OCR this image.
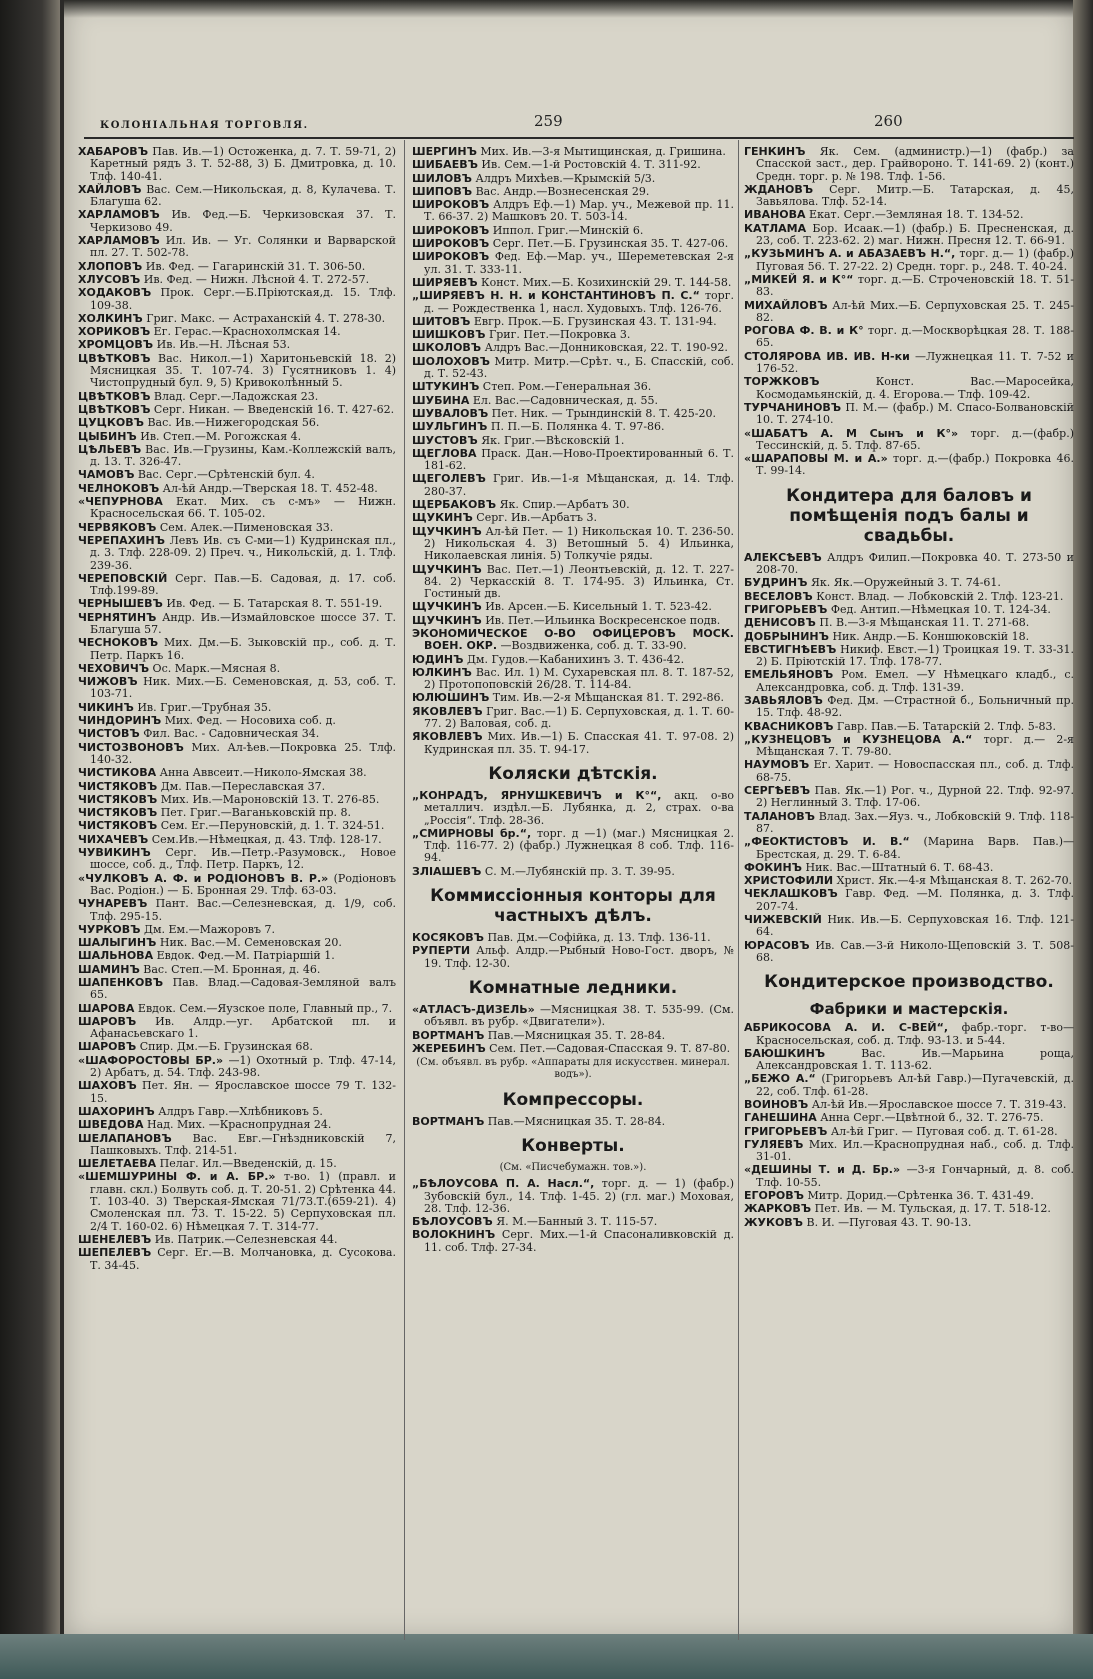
КОЛОНІАЛЬНАЯ ТОРГОВЛЯ.	259	260

ХАБАРОВЪ Пав. Ив.—1) Остоженка, д. 7. Т. 59-71, 2) Каретный рядъ 3. Т. 52-88, 3) Б. Дмитровка, д. 10. Тлф. 140-41.

ХАЙЛОВЪ Вас. Сем.—Никольская, д. 8, Кулачева. Т. Благуша 62.

ХАРЛАМОВЪ Ив. Фед.—Б. Черкизовская 37. Т. Черкизово 49.

ХАРЛАМОВЪ Ил. Ив. — Уг. Солянки и Варварской пл. 27. Т. 502-78.

ХЛОПОВЪ Ив. Фед. — Гагаринскій 31. Т. 306-50.

ХЛУСОВЪ Ив. Фед. — Нижн. Лѣсной 4. Т. 272-57.

ХОДАКОВЪ Прок. Серг.—Б.Пріютская,д. 15. Тлф. 109-38.

ХОЛКИНЪ Григ. Макс. — Астраханскій 4. Т. 278-30.

ХОРИКОВЪ Ег. Герас.—Краснохолмская 14.

ХРОМЦОВЪ Ив. Ив.—Н. Лѣсная 53.

ЦВѢТКОВЪ Вас. Никол.—1) Харитоньевскій 18. 2) Мясницкая 35. Т. 107-74. 3) Гусятниковъ 1. 4) Чистопрудный бул. 9, 5) Кривоколѣнный 5.

ЦВѢТКОВЪ Влад. Серг.—Ладожская 23.

ЦВѢТКОВЪ Серг. Никан. — Введенскій 16. Т. 427-62.

ЦУЦКОВЪ Вас. Ив.—Нижегородская 56.

ЦЫБИНЪ Ив. Степ.—М. Рогожская 4.

ЦѢЛЬЕВЪ Вас. Ив.—Грузины, Кам.-Коллежскій валъ, д. 13. Т. 326-47.

ЧАМОВЪ Вас. Серг.—Срѣтенскій бул. 4.

ЧЕЛНОКОВЪ Ал-ѣй Андр.—Тверская 18. Т. 452-48.

«ЧЕПУРНОВА Екат. Мих. съ с-мъ» — Нижн. Красносельская 66. Т. 105-02.

ЧЕРВЯКОВЪ Сем. Алек.—Пименовская 33.

ЧЕРЕПАХИНЪ Левъ Ив. съ С-ми—1) Кудринская пл., д. 3. Тлф. 228-09. 2) Преч. ч., Никольскій, д. 1. Тлф. 239-36.

ЧЕРЕПОВСКІЙ Серг. Пав.—Б. Садовая, д. 17. соб. Тлф.199-89.

ЧЕРНЫШЕВЪ Ив. Фед. — Б. Татарская 8. Т. 551-19.

ЧЕРНЯТИНЪ Андр. Ив.—Измайловское шоссе 37. Т. Благуша 57.

ЧЕСНОКОВЪ Мих. Дм.—Б. Зыковскій пр., соб. д. Т. Петр. Паркъ 16.

ЧЕХОВИЧЪ Ос. Марк.—Мясная 8.

ЧИЖОВЪ Ник. Мих.—Б. Семеновская, д. 53, соб. Т. 103-71.

ЧИКИНЪ Ив. Григ.—Трубная 35.

ЧИНДОРИНЪ Мих. Фед. — Носовиха соб. д.

ЧИСТОВЪ Фил. Вас. - Садовническая 34.

ЧИСТОЗВОНОВЪ Мих. Ал-ѣев.—Покровка 25. Тлф. 140-32.

ЧИСТИКОВА Анна Аввсеит.—Николо-Ямская 38.

ЧИСТЯКОВЪ Дм. Пав.—Переславская 37.

ЧИСТЯКОВЪ Мих. Ив.—Мароновскій 13. Т. 276-85.

ЧИСТЯКОВЪ Пет. Григ.—Ваганьковскій пр. 8.

ЧИСТЯКОВЪ Сем. Ег.—Перуновскій, д. 1. Т. 324-51.

ЧИХАЧЕВЪ Сем.Ив.—Нѣмецкая, д. 43. Тлф. 128-17.

ЧУВИКИНЪ Серг. Ив.—Петр.-Разумовск., Новое шоссе, соб. д., Тлф. Петр. Паркъ, 12.

«ЧУЛКОВЪ А. Ф. и РОДІОНОВЪ В. Р.» (Родіоновъ Вас. Родіон.) — Б. Бронная 29. Тлф. 63-03.

ЧУНАРЕВЪ Пант. Вас.—Селезневская, д. 1/9, соб. Тлф. 295-15.

ЧУРКОВЪ Дм. Ем.—Мажоровъ 7.

ШАЛЫГИНЪ Ник. Вас.—М. Семеновская 20.

ШАЛЬНОВА Евдок. Фед.—М. Патріаршій 1.

ШАМИНЪ Вас. Степ.—М. Бронная, д. 46.

ШАПЕНКОВЪ Пав. Влад.—Садовая-Земляной валъ 65.

ШАРОВА Евдок. Сем.—Яузское поле, Главный пр., 7.

ШАРОВЪ Ив. Алдр.—уг. Арбатской пл. и Афанасьевскаго 1.

ШАРОВЪ Спир. Дм.—Б. Грузинская 68.

«ШАФОРОСТОВЫ БР.» —1) Охотный р. Тлф. 47-14, 2) Арбатъ, д. 54. Тлф. 243-98.

ШАХОВЪ Пет. Ян. — Ярославское шоссе 79 Т. 132-15.

ШАХОРИНЪ Алдръ Гавр.—Хлѣбниковъ 5.

ШВЕДОВА Над. Мих. —Краснопрудная 24.

ШЕЛАПАНОВЪ Вас. Евг.—Гнѣздниковскій 7, Пашковыхъ. Тлф. 214-51.

ШЕЛЕТАЕВА Пелаг. Ил.—Введенскій, д. 15.

«ШЕМШУРИНЫ Ф. и А. БР.» т-во. 1) (правл. и главн. скл.) Болвуть соб. д. Т. 20-51. 2) Срѣтенка 44. Т. 103-40. 3) Тверская-Ямская 71/73.Т.(659-21). 4) Смоленская пл. 73. Т. 15-22. 5) Серпуховская пл. 2/4 Т. 160-02. 6) Нѣмецкая 7. Т. 314-77.

ШЕНЕЛЕВЪ Ив. Патрик.—Селезневская 44.

ШЕПЕЛЕВЪ Серг. Ег.—В. Молчановка, д. Сусокова. Т. 34-45.

ШЕРГИНЪ Мих. Ив.—3-я Мытищинская, д. Гришина.

ШИБАЕВЪ Ив. Сем.—1-й Ростовскій 4. Т. 311-92.

ШИЛОВЪ Алдръ Михѣев.—Крымскій 5/3.

ШИПОВЪ Вас. Андр.—Вознесенская 29.

ШИРОКОВЪ Алдръ Еф.—1) Мар. уч., Межевой пр. 11. Т. 66-37. 2) Машковъ 20. Т. 503-14.

ШИРОКОВЪ Иппол. Григ.—Минскій 6.

ШИРОКОВЪ Серг. Пет.—Б. Грузинская 35. Т. 427-06.

ШИРОКОВЪ Фед. Еф.—Мар. уч., Шереметевская 2-я ул. 31. Т. 333-11.

ШИРЯЕВЪ Конст. Мих.—Б. Козихинскій 29. Т. 144-58.

„ШИРЯЕВЪ Н. Н. и КОНСТАНТИНОВЪ П. С.“ торг. д. — Рождественка 1, насл. Худовыхъ. Тлф. 126-76.

ШИТОВЪ Евгр. Прок.—Б. Грузинская 43. Т. 131-94.

ШИШКОВЪ Григ. Пет.—Покровка 3.

ШКОЛОВЪ Алдръ Вас.—Донниковская, 22. Т. 190-92.

ШОЛОХОВЪ Митр. Митр.—Срѣт. ч., Б. Спасскій, соб. д. Т. 52-43.

ШТУКИНЪ Степ. Ром.—Генеральная 36.

ШУБИНА Ел. Вас.—Садовническая, д. 55.

ШУВАЛОВЪ Пет. Ник. — Трындинскій 8. Т. 425-20.

ШУЛЬГИНЪ П. П.—Б. Полянка 4. Т. 97-86.

ШУСТОВЪ Як. Григ.—Вѣсковскій 1.

ЩЕГЛОВА Праск. Дан.—Ново-Проектированный 6. Т. 181-62.

ЩЕГОЛЕВЪ Григ. Ив.—1-я Мѣщанская, д. 14. Тлф. 280-37.

ЩЕРБАКОВЪ Як. Спир.—Арбатъ 30.

ЩУКИНЪ Серг. Ив.—Арбатъ 3.

ЩУЧКИНЪ Ал-ѣй Пет. — 1) Никольская 10. Т. 236-50. 2) Никольская 4. 3) Ветошный 5. 4) Ильинка, Николаевская линія. 5) Толкучіе ряды.

ЩУЧКИНЪ Вас. Пет.—1) Леонтьевскій, д. 12. Т. 227-84. 2) Черкасскій 8. Т. 174-95. 3) Ильинка, Ст. Гостиный дв.

ЩУЧКИНЪ Ив. Арсен.—Б. Кисельный 1. Т. 523-42.

ЩУЧКИНЪ Ив. Пет.—Ильинка Воскресенское подв.

ЭКОНОМИЧЕСКОЕ О-ВО ОФИЦЕРОВЪ МОСК. ВОЕН. ОКР. —Воздвиженка, соб. д. Т. 33-90.

ЮДИНЪ Дм. Гудов.—Кабанихинъ 3. Т. 436-42.

ЮЛКИНЪ Вас. Ил. 1) М. Сухаревская пл. 8. Т. 187-52, 2) Протопоповскій 26/28. Т. 114-84.

ЮЛЮШИНЪ Тим. Ив.—2-я Мѣщанская 81. Т. 292-86.

ЯКОВЛЕВЪ Григ. Вас.—1) Б. Серпуховская, д. 1. Т. 60-77. 2) Валовая, соб. д.

ЯКОВЛЕВЪ Мих. Ив.—1) Б. Спасская 41. Т. 97-08. 2) Кудринская пл. 35. Т. 94-17.

Коляски дѣтскія.

„КОНРАДЪ, ЯРНУШКЕВИЧЪ и К°“, акц. о-во металлич. издѣл.—Б. Лубянка, д. 2, страх. о-ва „Россія“. Тлф. 28-36.

„СМИРНОВЫ бр.“, торг. д —1) (маг.) Мясницкая 2. Тлф. 116-77. 2) (фабр.) Лужнецкая 8 соб. Тлф. 116-94.

ЗЛІАШЕВЪ С. М.—Лубянскій пр. 3. Т. 39-95.

Коммиссіонныя конторы для частныхъ дѣлъ.

КОСЯКОВЪ Пав. Дм.—Софійка, д. 13. Тлф. 136-11.

РУПЕРТИ Альф. Алдр.—Рыбный Ново-Гост. дворъ, № 19. Тлф. 12-30.

Комнатные ледники.

«АТЛАСЪ-ДИЗЕЛЬ» —Мясницкая 38. Т. 535-99. (См. объявл. въ рубр. «Двигатели»).

ВОРТМАНЪ Пав.—Мясницкая 35. Т. 28-84.

ЖЕРЕБИНЪ Сем. Пет.—Садовая-Спасская 9. Т. 87-80.

(См. объявл. въ рубр. «Аппараты для искусствен. минерал. водъ»).
Компрессоры.

ВОРТМАНЪ Пав.—Мясницкая 35. Т. 28-84.

Конверты.
(См. «Писчебумажн. тов.»).

„БѢЛОУСОВА П. А. Насл.“, торг. д. — 1) (фабр.) Зубовскій бул., 14. Тлф. 1-45. 2) (гл. маг.) Моховая, 28. Тлф. 12-36.

БѢЛОУСОВЪ Я. М.—Банный 3. Т. 115-57.

ВОЛОКНИНЪ Серг. Мих.—1-й Спасоналивковскій д. 11. соб. Тлф. 27-34.

ГЕНКИНЪ Як. Сем. (администр.)—1) (фабр.) за Спасской заст., дер. Грайвороно. Т. 141-69. 2) (конт.) Средн. торг. р. № 198. Тлф. 1-56.

ЖДАНОВЪ Серг. Митр.—Б. Татарская, д. 45, Завьялова. Тлф. 52-14.

ИВАНОВА Екат. Серг.—Земляная 18. Т. 134-52.

КАТЛАМА Бор. Исаак.—1) (фабр.) Б. Пресненская, д. 23, соб. Т. 223-62. 2) маг. Нижн. Пресня 12. Т. 66-91.

„КУЗЬМИНЪ А. и АБАЗАЕВЪ Н.“, торг. д.— 1) (фабр.) Пуговая 56. Т. 27-22. 2) Средн. торг. р., 248. Т. 40-24.

„МИКЕЙ Я. и К°“ торг. д.—Б. Строченовскій 18. Т. 51-83.

МИХАЙЛОВЪ Ал-ѣй Мих.—Б. Серпуховская 25. Т. 245-82.

РОГОВА Ф. В. и К° торг. д.—Москворѣцкая 28. Т. 188-65.

СТОЛЯРОВА ИВ. ИВ. Н-ки —Лужнецкая 11. Т. 7-52 и 176-52.

ТОРЖКОВЪ Конст. Вас.—Маросейка, Космодамьянскій, д. 4. Егорова.— Тлф. 109-42.

ТУРЧАНИНОВЪ П. М.— (фабр.) М. Спасо-Болвановскій 10. Т. 274-10.

«ШАБАТЪ А. М Сынъ и К°» торг. д.—(фабр.) Тессинскій, д. 5. Тлф. 87-65.

«ШАРАПОВЫ М. и А.» торг. д.—(фабр.) Покровка 46. Т. 99-14.

Кондитера для баловъ и помѣщенія подъ балы и свадьбы.

АЛЕКСѢЕВЪ Алдръ Филип.—Покровка 40. Т. 273-50 и 208-70.

БУДРИНЪ Як. Як.—Оружейный 3. Т. 74-61.

ВЕСЕЛОВЪ Конст. Влад. — Лобковскій 2. Тлф. 123-21.

ГРИГОРЬЕВЪ Фед. Антип.—Нѣмецкая 10. Т. 124-34.

ДЕНИСОВЪ П. В.—3-я Мѣщанская 11. Т. 271-68.

ДОБРЫНИНЪ Ник. Андр.—Б. Коншюковскій 18.

ЕВСТИГНѢЕВЪ Никиф. Евст.—1) Троицкая 19. Т. 33-31. 2) Б. Пріютскій 17. Тлф. 178-77.

ЕМЕЛЬЯНОВЪ Ром. Емел. —У Нѣмецкаго кладб., с. Александровка, соб. д. Тлф. 131-39.

ЗАВЬЯЛОВЪ Фед. Дм. —Страстной б., Больничный пр. 15. Тлф. 48-92.

КВАСНИКОВЪ Гавр. Пав.—Б. Татарскій 2. Тлф. 5-83.

„КУЗНЕЦОВЪ и КУЗНЕЦОВА А.“ торг. д.— 2-я Мѣщанская 7. Т. 79-80.

НАУМОВЪ Ег. Харит. — Новоспасская пл., соб. д. Тлф. 68-75.

СЕРГѢЕВЪ Пав. Як.—1) Рог. ч., Дурной 22. Тлф. 92-97. 2) Неглинный 3. Тлф. 17-06.

ТАЛАНОВЪ Влад. Зах.—Яуз. ч., Лобковскій 9. Тлф. 118-87.

„ФЕОКТИСТОВЪ И. В.“ (Марина Варв. Пав.)— Брестская, д. 29. Т. 6-84.

ФОКИНЪ Ник. Вас.—Штатный 6. Т. 68-43.

ХРИСТОФИЛИ Христ. Як.—4-я Мѣщанская 8. Т. 262-70.

ЧЕКЛАШКОВЪ Гавр. Фед. —М. Полянка, д. 3. Тлф. 207-74.

ЧИЖЕВСКІЙ Ник. Ив.—Б. Серпуховская 16. Тлф. 121-64.

ЮРАСОВЪ Ив. Сав.—3-й Николо-Щеповскій 3. Т. 508-68.

Кондитерское производство.
Фабрики и мастерскія.

АБРИКОСОВА А. И. С-ВЕЙ“, фабр.-торг. т-во—Красносельская, соб. д. Тлф. 93-13. и 5-44.

БАЮШКИНЪ Вас. Ив.—Марьина роща, Александровская 1. Т. 113-62.

„БЕЖО А.“ (Григорьевъ Ал-ѣй Гавр.)—Пугачевскій, д. 22, соб. Тлф. 61-28.

ВОИНОВЪ Ал-ѣй Ив.—Ярославское шоссе 7. Т. 319-43.

ГАНЕШИНА Анна Серг.—Цвѣтной б., 32. Т. 276-75.

ГРИГОРЬЕВЪ Ал-ѣй Григ. — Пуговая соб. д. Т. 61-28.

ГУЛЯЕВЪ Мих. Ил.—Краснопрудная наб., соб. д. Тлф. 31-01.

«ДЕШИНЫ Т. и Д. Бр.» —3-я Гончарный, д. 8. соб. Тлф. 10-55.

ЕГОРОВЪ Митр. Дорид.—Срѣтенка 36. Т. 431-49.

ЖАРКОВЪ Пет. Ив. — М. Тульская, д. 17. Т. 518-12.

ЖУКОВЪ В. И. —Пуговая 43. Т. 90-13.
